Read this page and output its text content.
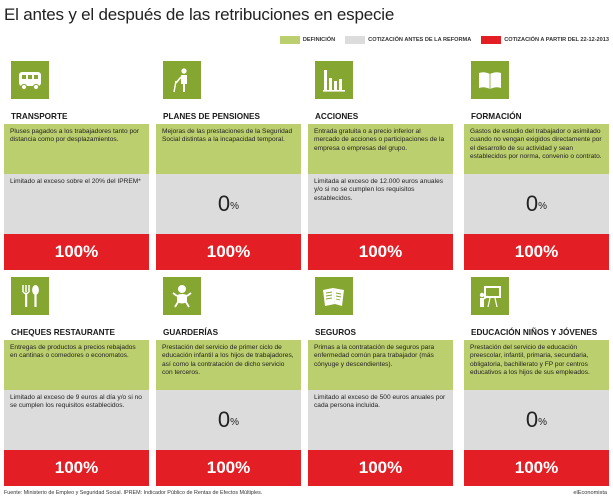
El antes y el después de las retribuciones en especie
DEFINICIÓN	COTIZACIÓN ANTES DE LA REFORMA	COTIZACIÓN A PARTIR DEL 22-12-2013
TRANSPORTE
Pluses pagados a los trabajadores tanto por distancia como por desplazamientos.
Limitado al exceso sobre el 20% del IPREM*
100%
PLANES DE PENSIONES
Mejoras de las prestaciones de la Seguridad Social distintas a la incapacidad temporal.
0 %
100%
ACCIONES
Entrada gratuita o a precio inferior al mercado de acciones o participaciones de la empresa o empresas del grupo.
Limitada al exceso de 12.000 euros anuales y/o si no se cumplen los requisitos establecidos.
100%
FORMACIÓN
Gastos de estudio del trabajador o asimilado cuando no vengan exigidos directamente por el desarrollo de su actividad y sean establecidos por norma, convenio o contrato.
0 %
100%
CHEQUES RESTAURANTE
Entregas de productos a precios rebajados en cantinas o comedores o economatos.
Limitado al exceso de 9 euros al día y/o si no se cumplen los requisitos establecidos.
100%
GUARDERÍAS
Prestación del servicio de primer ciclo de educación infantil a los hijos de trabajadores, así como la contratación de dicho servicio con terceros.
0 %
100%
SEGUROS
Primas a la contratación de seguros para enfermedad común para trabajador (más cónyuge y descendientes).
Limitado al exceso de 500 euros anuales por cada persona incluida.
100%
EDUCACIÓN NIÑOS Y JÓVENES
Prestación del servicio de educación preescolar, infantil, primaria, secundaria, obligatoria, bachillerato y FP por centros educativos a los hijos de sus empleados.
0 %
100%
Fuente: Ministerio de Empleo y Seguridad Social. IPREM: Indicador Público de Rentas de Efectos Múltiples.	elEconomista
